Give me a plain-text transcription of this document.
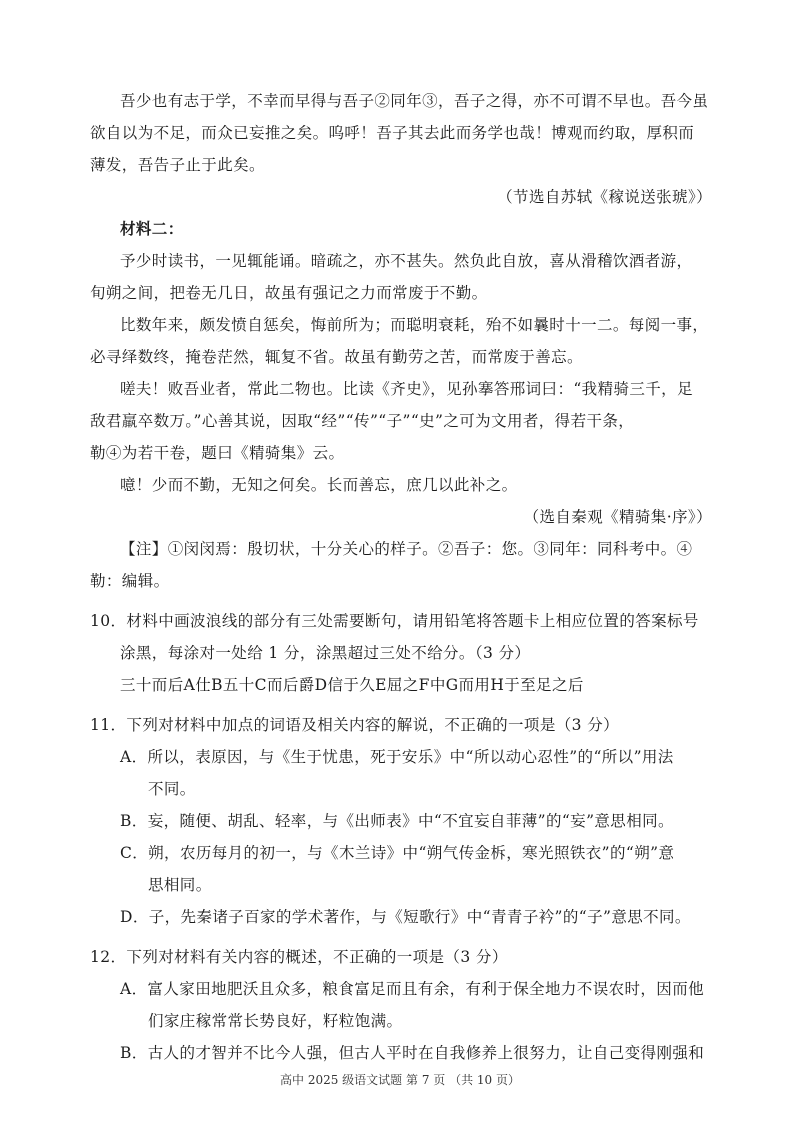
吾少也有志于学，不幸而早得与吾子②同年③，吾子之得，亦不可谓不早也。吾今虽
欲自以为不足，而众已妄推之矣。呜呼！吾子其去此而务学也哉！博观而约取，厚积而
薄发，吾告子止于此矣。
（节选自苏轼《稼说送张琥》）
材料二：
予少时读书，一见辄能诵。暗疏之，亦不甚失。然负此自放，喜从滑稽饮酒者游，
旬朔之间，把卷无几日，故虽有强记之力而常废于不勤。
比数年来，颇发愤自惩矣，悔前所为；而聪明衰耗，殆不如曩时十一二。每阅一事，
必寻绎数终，掩卷茫然，辄复不省。故虽有勤劳之苦，而常废于善忘。
嗟夫！败吾业者，常此二物也。比读《齐史》，见孙搴答邢词曰：“我精骑三千，足
敌君羸卒数万。”心善其说，因取“经”“传”“子”“史”之可为文用者，得若干条，
勒④为若干卷，题曰《精骑集》云。
噫！少而不勤，无知之何矣。长而善忘，庶几以此补之。
（选自秦观《精骑集·序》）
【注】①闵闵焉：殷切状，十分关心的样子。②吾子：您。③同年：同科考中。④
勒：编辑。
10．材料中画波浪线的部分有三处需要断句，请用铅笔将答题卡上相应位置的答案标号
涂黑，每涂对一处给 1 分，涂黑超过三处不给分。（3 分）
三十而后A仕B五十C而后爵D信于久E屈之F中G而用H于至足之后
11．下列对材料中加点的词语及相关内容的解说，不正确的一项是（3 分）
A．所以，表原因，与《生于忧患，死于安乐》中“所以动心忍性”的“所以”用法
不同。
B．妄，随便、胡乱、轻率，与《出师表》中“不宜妄自菲薄”的“妄”意思相同。
C．朔，农历每月的初一，与《木兰诗》中“朔气传金柝，寒光照铁衣”的“朔”意
思相同。
D．子，先秦诸子百家的学术著作，与《短歌行》中“青青子衿”的“子”意思不同。
12．下列对材料有关内容的概述，不正确的一项是（3 分）
A．富人家田地肥沃且众多，粮食富足而且有余，有利于保全地力不误农时，因而他
们家庄稼常常长势良好，籽粒饱满。
B．古人的才智并不比今人强，但古人平时在自我修养上很努力，让自己变得刚强和
高中 2025 级语文试题 第 7 页 （共 10 页）
